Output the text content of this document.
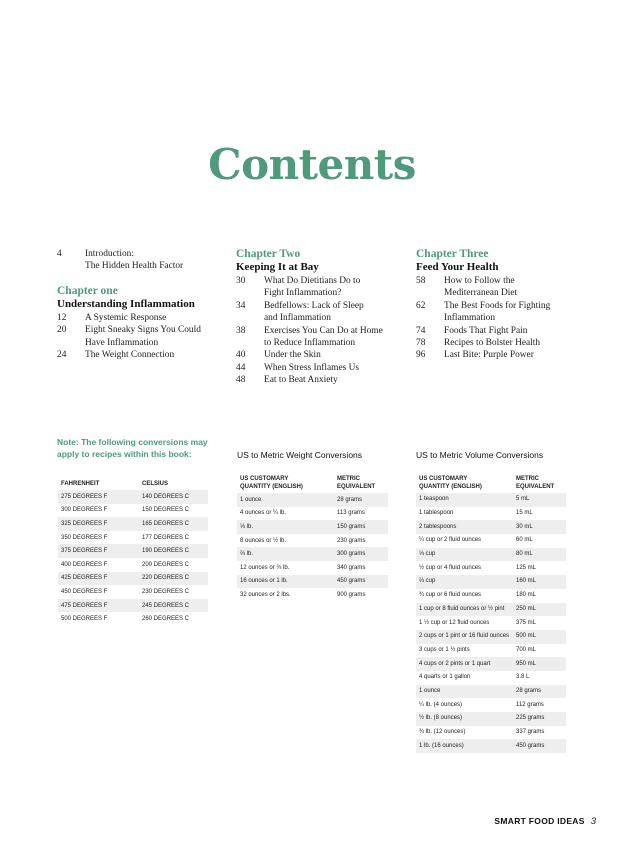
Contents
4	Introduction:
The Hidden Health Factor
Chapter one
Understanding Inflammation
12	A Systemic Response
20	Eight Sneaky Signs You Could
Have Inflammation
24	The Weight Connection
Chapter Two
Keeping It at Bay
30	What Do Dietitians Do to
Fight Inflammation?
34	Bedfellows: Lack of Sleep
and Inflammation
38	Exercises You Can Do at Home
to Reduce Inflammation
40	Under the Skin
44	When Stress Inflames Us
48	Eat to Beat Anxiety
Chapter Three
Feed Your Health
58	How to Follow the
Mediterranean Diet
62	The Best Foods for Fighting
Inflammation
74	Foods That Fight Pain
78	Recipes to Bolster Health
96	Last Bite: Purple Power
Note: The following conversions may apply to recipes within this book:	US to Metric Weight Conversions	US to Metric Volume Conversions
FAHRENHEIT	CELSIUS
275 DEGREES F	140 DEGREES C
300 DEGREES F	150 DEGREES C
325 DEGREES F	165 DEGREES C
350 DEGREES F	177 DEGREES C
375 DEGREES F	190 DEGREES C
400 DEGREES F	200 DEGREES C
425 DEGREES F	220 DEGREES C
450 DEGREES F	230 DEGREES C
475 DEGREES F	245 DEGREES C
500 DEGREES F	260 DEGREES C
US CUSTOMARY
QUANTITY (ENGLISH)	METRIC
EQUIVALENT
1 ounce	28 grams
4 ounces or ¼ lb.	113 grams
⅓ lb.	150 grams
8 ounces or ½ lb.	230 grams
⅔ lb.	300 grams
12 ounces or ¾ lb.	340 grams
16 ounces or 1 lb.	450 grams
32 ounces or 2 lbs.	900 grams
US CUSTOMARY
QUANTITY (ENGLISH)	METRIC
EQUIVALENT
1 teaspoon	5 mL
1 tablespoon	15 mL
2 tablespoons	30 mL
¼ cup or 2 fluid ounces	60 mL
⅓ cup	80 mL
½ cup or 4 fluid ounces	125 mL
⅔ cup	160 mL
¾ cup or 6 fluid ounces	180 mL
1 cup or 8 fluid ounces or ½ pint	250 mL
1 ½ cup or 12 fluid ounces	375 mL
2 cups or 1 pint or 16 fluid ounces	500 mL
3 cups or 1 ½ pints	700 mL
4 cups or 2 pints or 1 quart	950 mL
4 quarts or 1 gallon	3.8 L
1 ounce	28 grams
¼ lb. (4 ounces)	112 grams
½ lb. (8 ounces)	225 grams
¾ lb. (12 ounces)	337 grams
1 lb. (16 ounces)	450 grams
SMART FOOD IDEAS 3
